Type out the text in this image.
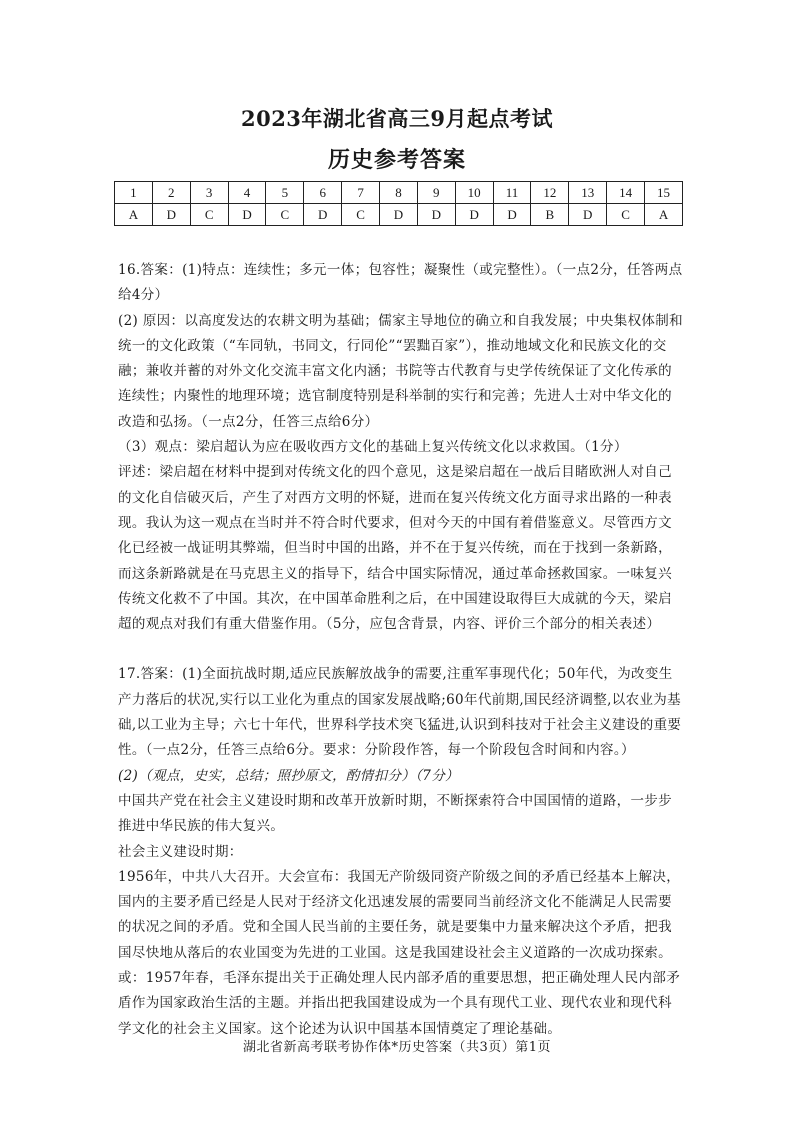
2023年湖北省高三9月起点考试
历史参考答案
1	2	3	4	5	6	7	8	9	10	11	12	13	14	15
A	D	C	D	C	D	C	D	D	D	D	B	D	C	A

16.答案：(1)特点：连续性；多元一体；包容性；凝聚性（或完整性）。（一点2分，任答两点给4分）

(2) 原因：以高度发达的农耕文明为基础；儒家主导地位的确立和自我发展；中央集权体制和统一的文化政策（“车同轨，书同文，行同伦”“罢黜百家”），推动地域文化和民族文化的交融；兼收并蓄的对外文化交流丰富文化内涵；书院等古代教育与史学传统保证了文化传承的连续性；内聚性的地理环境；选官制度特别是科举制的实行和完善；先进人士对中华文化的改造和弘扬。（一点2分，任答三点给6分）

（3）观点：梁启超认为应在吸收西方文化的基础上复兴传统文化以求救国。（1分）

评述：梁启超在材料中提到对传统文化的四个意见，这是梁启超在一战后目睹欧洲人对自己的文化自信破灭后，产生了对西方文明的怀疑，进而在复兴传统文化方面寻求出路的一种表现。我认为这一观点在当时并不符合时代要求，但对今天的中国有着借鉴意义。尽管西方文化已经被一战证明其弊端，但当时中国的出路，并不在于复兴传统，而在于找到一条新路，而这条新路就是在马克思主义的指导下，结合中国实际情况，通过革命拯救国家。一味复兴传统文化救不了中国。其次，在中国革命胜利之后，在中国建设取得巨大成就的今天，梁启超的观点对我们有重大借鉴作用。（5分，应包含背景，内容、评价三个部分的相关表述）

17.答案：(1)全面抗战时期,适应民族解放战争的需要,注重军事现代化；50年代，为改变生产力落后的状况,实行以工业化为重点的国家发展战略;60年代前期,国民经济调整,以农业为基础,以工业为主导；六七十年代，世界科学技术突飞猛进,认识到科技对于社会主义建设的重要性。（一点2分，任答三点给6分。要求：分阶段作答，每一个阶段包含时间和内容。）

(2)（观点，史实，总结；照抄原文，酌情扣分）（7分）

中国共产党在社会主义建设时期和改革开放新时期，不断探索符合中国国情的道路，一步步推进中华民族的伟大复兴。

社会主义建设时期：

1956年，中共八大召开。大会宣布：我国无产阶级同资产阶级之间的矛盾已经基本上解决，国内的主要矛盾已经是人民对于经济文化迅速发展的需要同当前经济文化不能满足人民需要的状况之间的矛盾。党和全国人民当前的主要任务，就是要集中力量来解决这个矛盾，把我国尽快地从落后的农业国变为先进的工业国。这是我国建设社会主义道路的一次成功探索。

或：1957年春，毛泽东提出关于正确处理人民内部矛盾的重要思想，把正确处理人民内部矛盾作为国家政治生活的主题。并指出把我国建设成为一个具有现代工业、现代农业和现代科学文化的社会主义国家。这个论述为认识中国基本国情奠定了理论基础。

湖北省新高考联考协作体*历史答案（共3页）第1页
